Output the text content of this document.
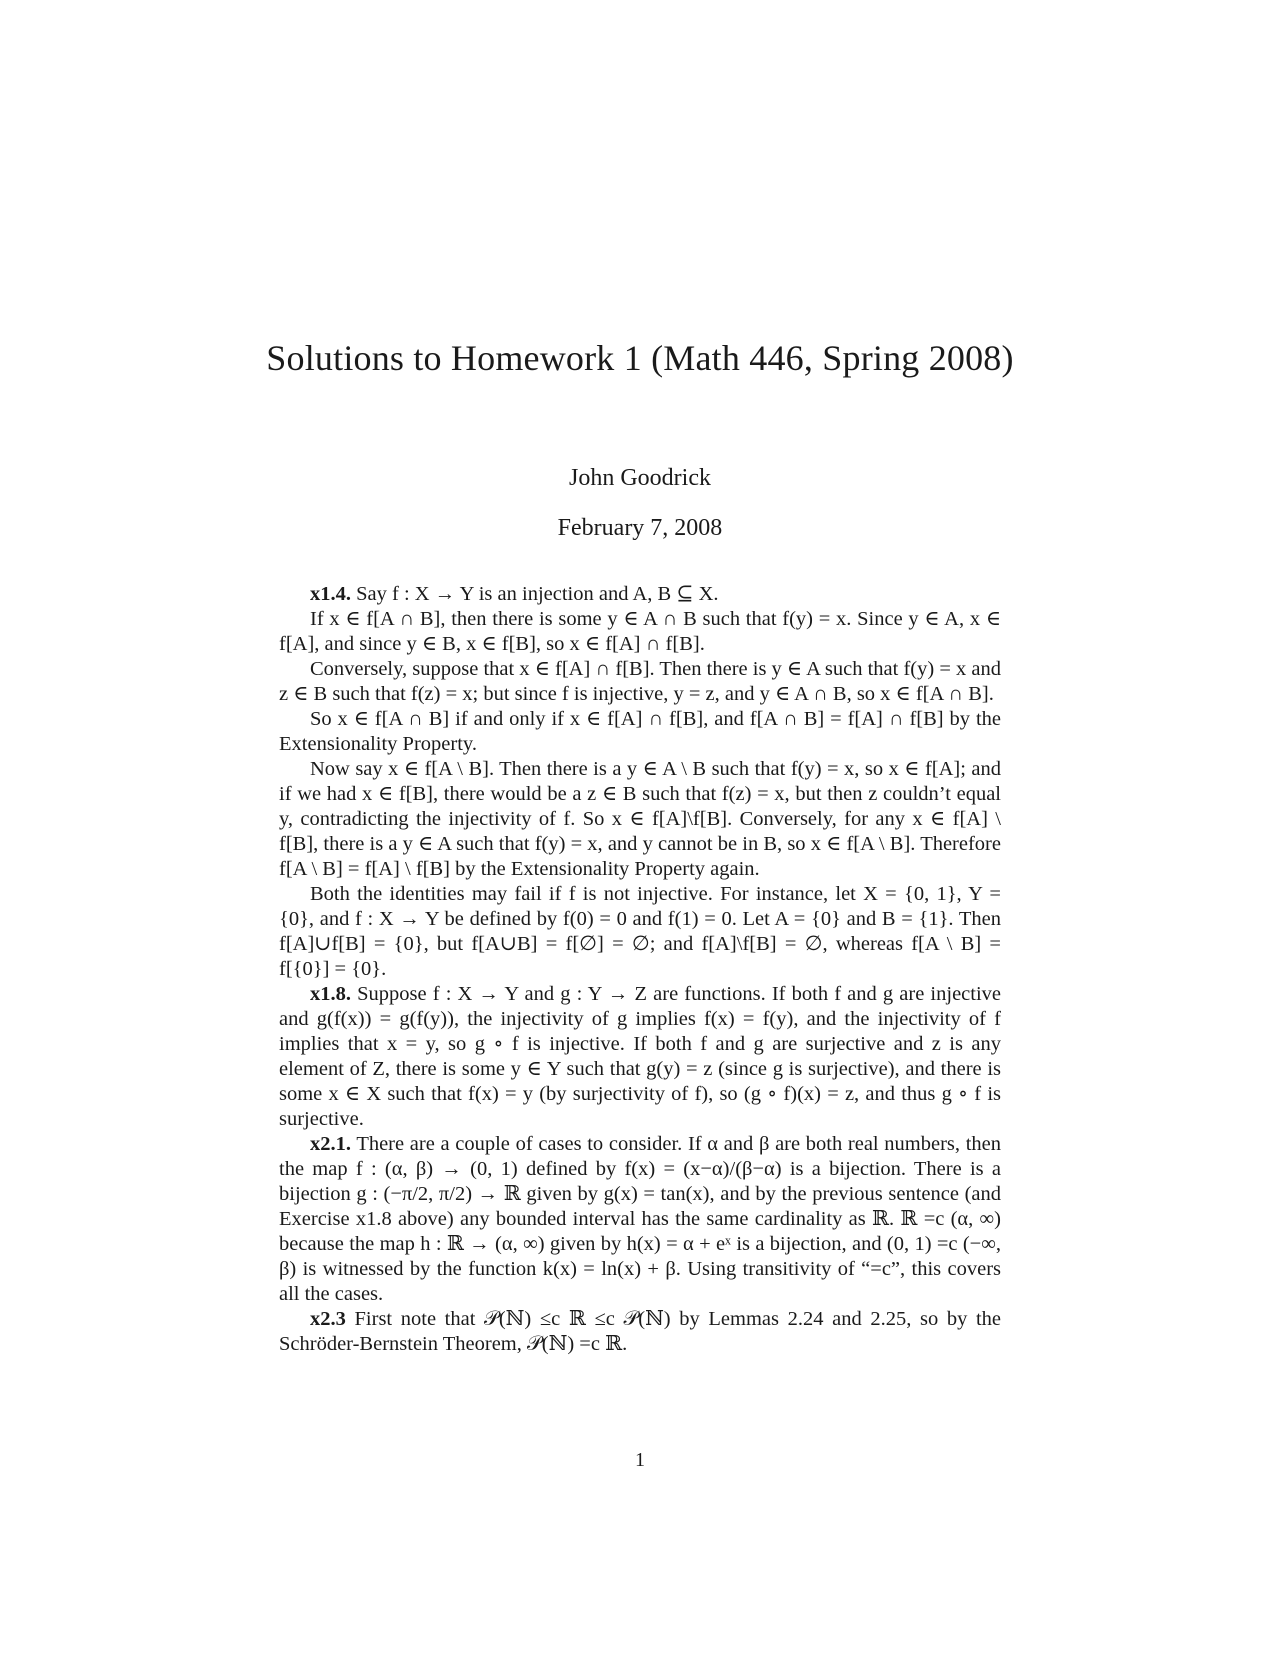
Solutions to Homework 1 (Math 446, Spring 2008)
John Goodrick
February 7, 2008

x1.4. Say f : X → Y is an injection and A, B ⊆ X.

If x ∈ f[A ∩ B], then there is some y ∈ A ∩ B such that f(y) = x. Since y ∈ A, x ∈ f[A], and since y ∈ B, x ∈ f[B], so x ∈ f[A] ∩ f[B].

Conversely, suppose that x ∈ f[A] ∩ f[B]. Then there is y ∈ A such that f(y) = x and z ∈ B such that f(z) = x; but since f is injective, y = z, and y ∈ A ∩ B, so x ∈ f[A ∩ B].

So x ∈ f[A ∩ B] if and only if x ∈ f[A] ∩ f[B], and f[A ∩ B] = f[A] ∩ f[B] by the Extensionality Property.

Now say x ∈ f[A \ B]. Then there is a y ∈ A \ B such that f(y) = x, so x ∈ f[A]; and if we had x ∈ f[B], there would be a z ∈ B such that f(z) = x, but then z couldn’t equal y, contradicting the injectivity of f. So x ∈ f[A]\f[B]. Conversely, for any x ∈ f[A] \ f[B], there is a y ∈ A such that f(y) = x, and y cannot be in B, so x ∈ f[A \ B]. Therefore f[A \ B] = f[A] \ f[B] by the Extensionality Property again.

Both the identities may fail if f is not injective. For instance, let X = {0, 1}, Y = {0}, and f : X → Y be defined by f(0) = 0 and f(1) = 0. Let A = {0} and B = {1}. Then f[A]∪f[B] = {0}, but f[A∪B] = f[∅] = ∅; and f[A]\f[B] = ∅, whereas f[A \ B] = f[{0}] = {0}.

x1.8. Suppose f : X → Y and g : Y → Z are functions. If both f and g are injective and g(f(x)) = g(f(y)), the injectivity of g implies f(x) = f(y), and the injectivity of f implies that x = y, so g ∘ f is injective. If both f and g are surjective and z is any element of Z, there is some y ∈ Y such that g(y) = z (since g is surjective), and there is some x ∈ X such that f(x) = y (by surjectivity of f), so (g ∘ f)(x) = z, and thus g ∘ f is surjective.

x2.1. There are a couple of cases to consider. If α and β are both real numbers, then the map f : (α, β) → (0, 1) defined by f(x) = (x−α)/(β−α) is a bijection. There is a bijection g : (−π/2, π/2) → ℝ given by g(x) = tan(x), and by the previous sentence (and Exercise x1.8 above) any bounded interval has the same cardinality as ℝ. ℝ =c (α, ∞) because the map h : ℝ → (α, ∞) given by h(x) = α + eˣ is a bijection, and (0, 1) =c (−∞, β) is witnessed by the function k(x) = ln(x) + β. Using transitivity of “=c”, this covers all the cases.

x2.3 First note that 𝒫(ℕ) ≤c ℝ ≤c 𝒫(ℕ) by Lemmas 2.24 and 2.25, so by the Schröder-Bernstein Theorem, 𝒫(ℕ) =c ℝ.

1
